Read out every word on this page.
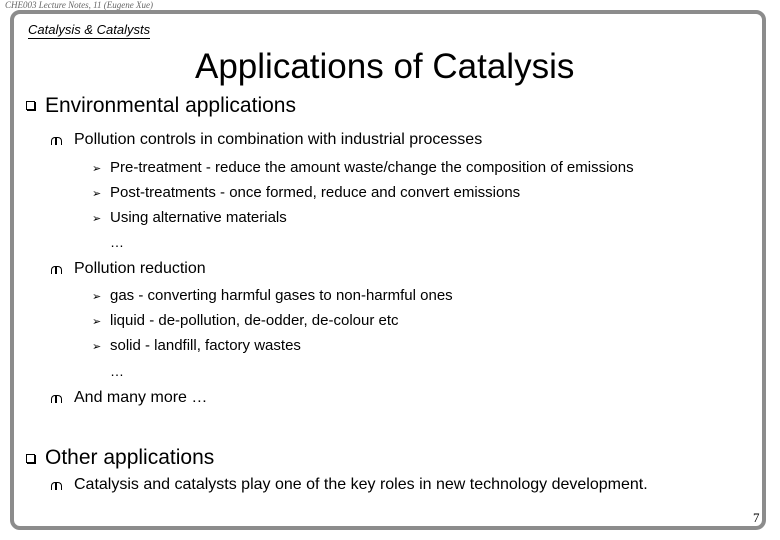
CHE003 Lecture Notes, 11 (Eugene Xue)
Catalysis & Catalysts
Applications of Catalysis
Environmental applications
Pollution controls in combination with industrial processes
➢ Pre-treatment - reduce the amount waste/change the composition of emissions
➢ Post-treatments - once formed, reduce and convert emissions
➢ Using alternative materials
…
Pollution reduction
➢ gas - converting harmful gases to non-harmful ones
➢ liquid - de-pollution, de-odder, de-colour etc
➢ solid - landfill, factory wastes
…
And many more …
Other applications
Catalysis and catalysts play one of the key roles in new technology development.
7
